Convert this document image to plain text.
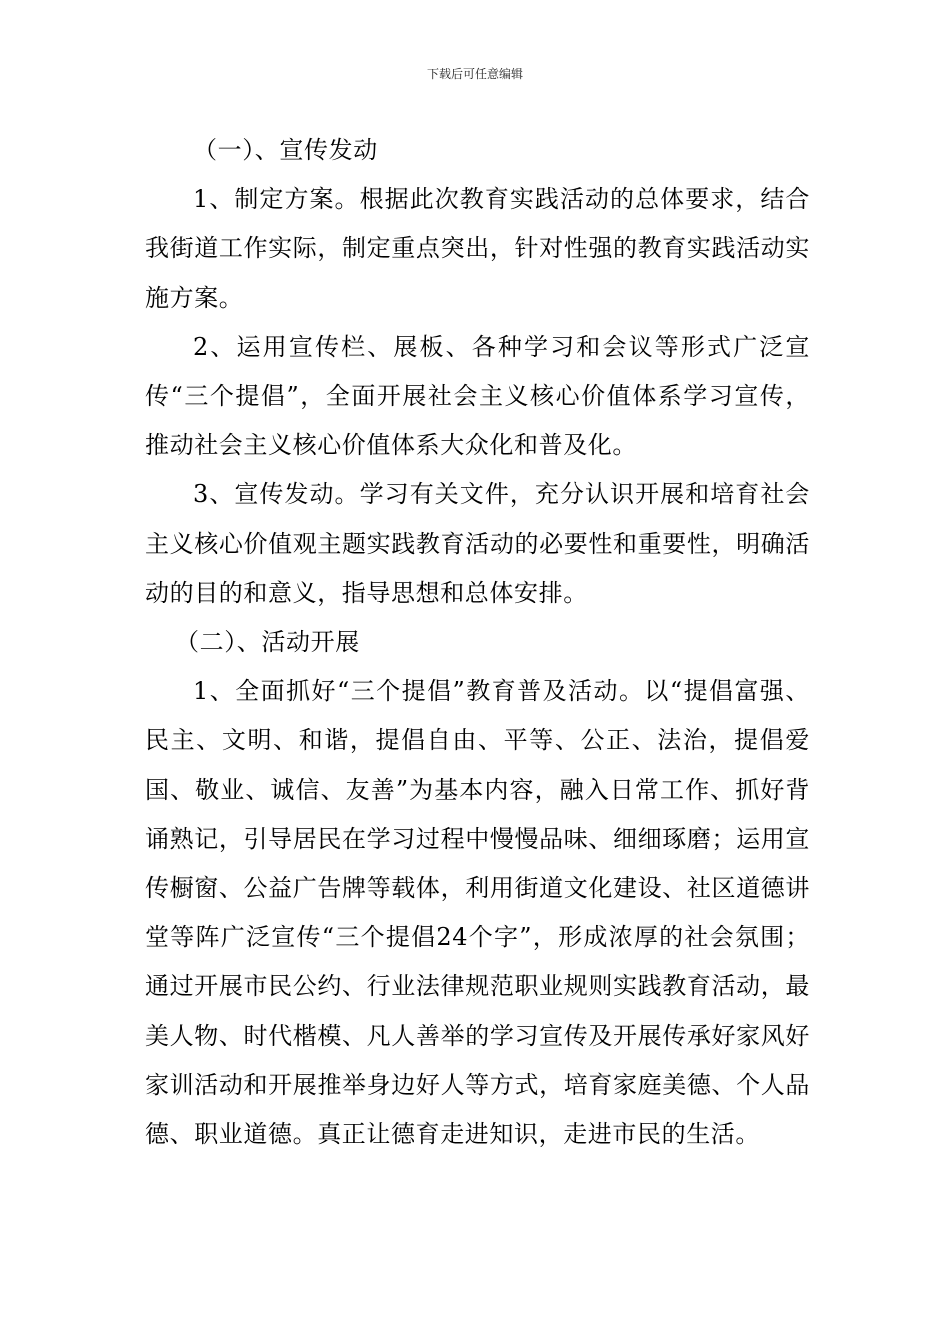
下载后可任意编辑

（一）、宣传发动

1、制定方案。根据此次教育实践活动的总体要求，结合我街道工作实际，制定重点突出，针对性强的教育实践活动实施方案。

2、运用宣传栏、展板、各种学习和会议等形式广泛宣传“三个提倡”，全面开展社会主义核心价值体系学习宣传，推动社会主义核心价值体系大众化和普及化。

3、宣传发动。学习有关文件，充分认识开展和培育社会主义核心价值观主题实践教育活动的必要性和重要性，明确活动的目的和意义，指导思想和总体安排。

（二）、活动开展

1、全面抓好“三个提倡”教育普及活动。以“提倡富强、民主、文明、和谐，提倡自由、平等、公正、法治，提倡爱国、敬业、诚信、友善”为基本内容，融入日常工作、抓好背诵熟记，引导居民在学习过程中慢慢品味、细细琢磨；运用宣传橱窗、公益广告牌等载体，利用街道文化建设、社区道德讲堂等阵广泛宣传“三个提倡24个字”，形成浓厚的社会氛围；通过开展市民公约、行业法律规范职业规则实践教育活动，最美人物、时代楷模、凡人善举的学习宣传及开展传承好家风好家训活动和开展推举身边好人等方式，培育家庭美德、个人品德、职业道德。真正让德育走进知识，走进市民的生活。
